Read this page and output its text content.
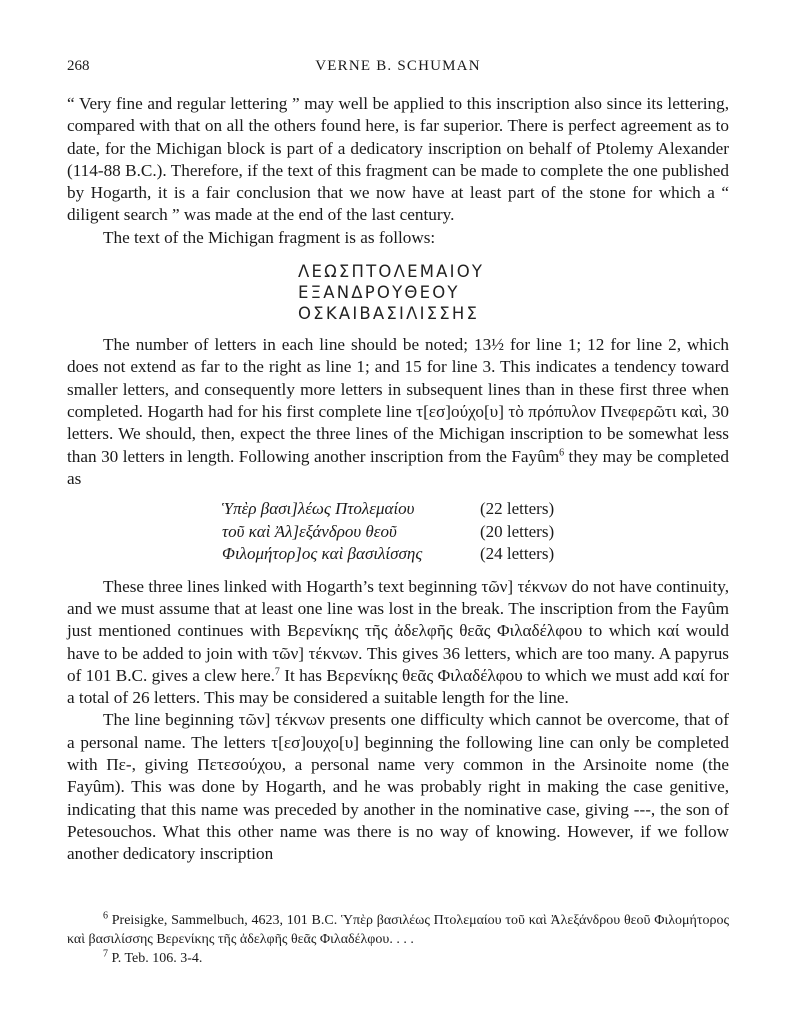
268	VERNE B. SCHUMAN

“ Very fine and regular lettering ” may well be applied to this inscription also since its lettering, compared with that on all the others found here, is far superior. There is perfect agreement as to date, for the Michigan block is part of a dedicatory inscription on behalf of Ptolemy Alexander (114-88 B.C.). Therefore, if the text of this fragment can be made to complete the one published by Hogarth, it is a fair conclusion that we now have at least part of the stone for which a “ diligent search ” was made at the end of the last century.

The text of the Michigan fragment is as follows:

ΛΕΩΣΠΤΟΛΕΜΑΙΟΥ
ΕΞΑΝΔΡΟΥΘΕΟΥ
ΟΣΚΑΙΒΑΣΙΛΙΣΣΗΣ

The number of letters in each line should be noted; 13½ for line 1; 12 for line 2, which does not extend as far to the right as line 1; and 15 for line 3. This indicates a tendency toward smaller letters, and consequently more letters in subsequent lines than in these first three when completed. Hogarth had for his first complete line τ[εσ]ούχο[υ] τὸ πρόπυλον Πνεφερῶτι καὶ, 30 letters. We should, then, expect the three lines of the Michigan inscription to be somewhat less than 30 letters in length. Following another inscription from the Fayûm$^6$ they may be completed as

Ὑπὲρ βασι]λέως Πτολεμαίου	(22 letters)
τοῦ καὶ Ἀλ]εξάνδρου θεοῦ	(20 letters)
Φιλομήτορ]ος καὶ βασιλίσσης	(24 letters)

These three lines linked with Hogarth’s text beginning τῶν] τέκνων do not have continuity, and we must assume that at least one line was lost in the break. The inscription from the Fayûm just mentioned continues with Βερενίκης τῆς ἀδελφῆς θεᾶς Φιλαδέλφου to which καί would have to be added to join with τῶν] τέκνων. This gives 36 letters, which are too many. A papyrus of 101 B.C. gives a clew here.$^7$ It has Βερενίκης θεᾶς Φιλαδέλφου to which we must add καί for a total of 26 letters. This may be considered a suitable length for the line.

The line beginning τῶν] τέκνων presents one difficulty which cannot be overcome, that of a personal name. The letters τ[εσ]ουχο[υ] beginning the following line can only be completed with Πε-, giving Πετεσούχου, a personal name very common in the Arsinoite nome (the Fayûm). This was done by Hogarth, and he was probably right in making the case genitive, indicating that this name was preceded by another in the nominative case, giving ---, the son of Petesouchos. What this other name was there is no way of knowing. However, if we follow another dedicatory inscription

$^6$ Preisigke, Sammelbuch, 4623, 101 B.C. Ὑπὲρ βασιλέως Πτολεμαίου τοῦ καὶ Ἀλεξάνδρου θεοῦ Φιλομήτορος καὶ βασιλίσσης Βερενίκης τῆς ἀδελφῆς θεᾶς Φιλαδέλφου. . . .

$^7$ P. Teb. 106. 3-4.
